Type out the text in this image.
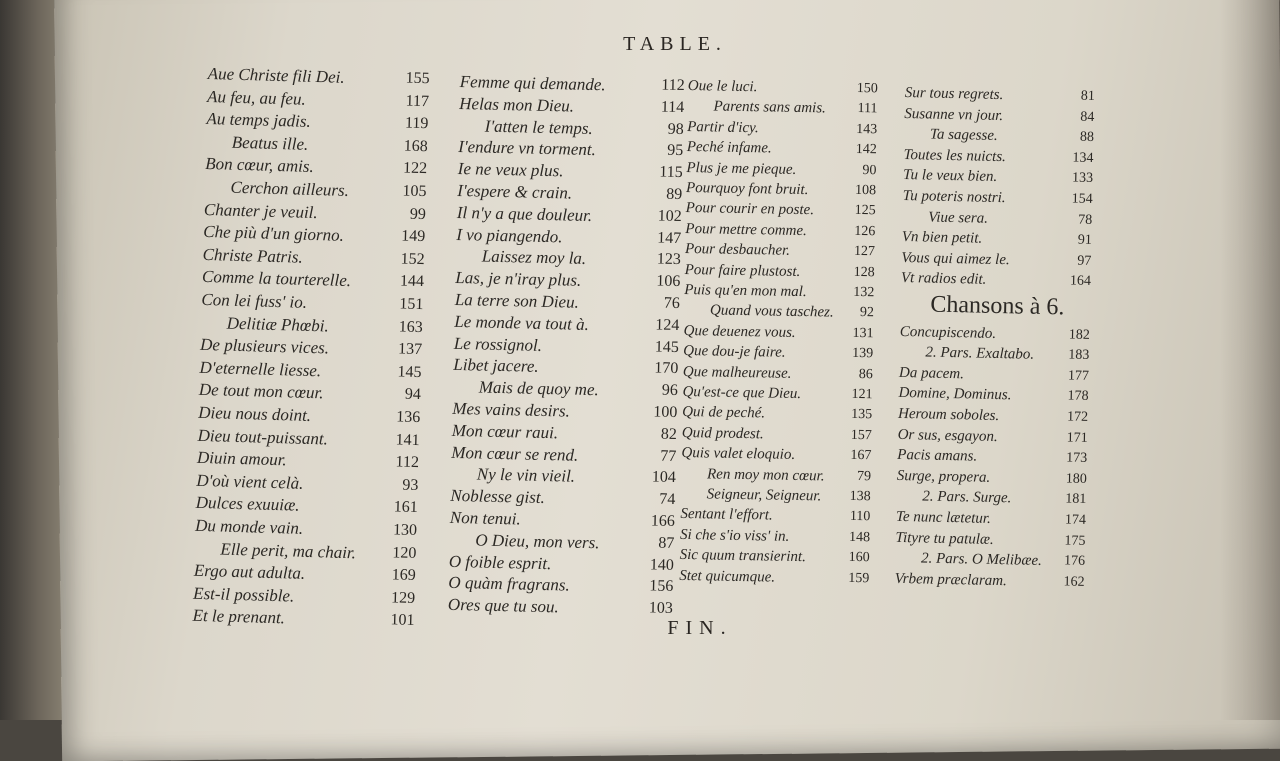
TABLE.
Aue Christe fili Dei.	155
Au feu, au feu.	117
Au temps jadis.	119
Beatus ille.	168
Bon cœur, amis.	122
Cerchon ailleurs.	105
Chanter je veuil.	99
Che più d'un giorno.	149
Christe Patris.	152
Comme la tourterelle.	144
Con lei fuss' io.	151
Delitiæ Phœbi.	163
De plusieurs vices.	137
D'eternelle liesse.	145
De tout mon cœur.	94
Dieu nous doint.	136
Dieu tout-puissant.	141
Diuin amour.	112
D'où vient celà.	93
Dulces exuuiæ.	161
Du monde vain.	130
Elle perit, ma chair.	120
Ergo aut adulta.	169
Est-il possible.	129
Et le prenant.	101
Femme qui demande.	112
Helas mon Dieu.	114
I'atten le temps.	98
I'endure vn torment.	95
Ie ne veux plus.	115
I'espere & crain.	89
Il n'y a que douleur.	102
I vo piangendo.	147
Laissez moy la.	123
Las, je n'iray plus.	106
La terre son Dieu.	76
Le monde va tout à.	124
Le rossignol.	145
Libet jacere.	170
Mais de quoy me.	96
Mes vains desirs.	100
Mon cœur raui.	82
Mon cœur se rend.	77
Ny le vin vieil.	104
Noblesse gist.	74
Non tenui.	166
O Dieu, mon vers.	87
O foible esprit.	140
O quàm fragrans.	156
Ores que tu sou.	103
Oue le luci.	150
Parents sans amis.	111
Partir d'icy.	143
Peché infame.	142
Plus je me pieque.	90
Pourquoy font bruit.	108
Pour courir en poste.	125
Pour mettre comme.	126
Pour desbaucher.	127
Pour faire plustost.	128
Puis qu'en mon mal.	132
Quand vous taschez.	92
Que deuenez vous.	131
Que dou-je faire.	139
Que malheureuse.	86
Qu'est-ce que Dieu.	121
Qui de peché.	135
Quid prodest.	157
Quis valet eloquio.	167
Ren moy mon cœur.	79
Seigneur, Seigneur.	138
Sentant l'effort.	110
Si che s'io viss' in.	148
Sic quum transierint.	160
Stet quicumque.	159
Sur tous regrets.	81
Susanne vn jour.	84
Ta sagesse.	88
Toutes les nuicts.	134
Tu le veux bien.	133
Tu poteris nostri.	154
Viue sera.	78
Vn bien petit.	91
Vous qui aimez le.	97
Vt radios edit.	164
Chansons à 6.
Concupiscendo.	182
2. Pars. Exaltabo.	183
Da pacem.	177
Domine, Dominus.	178
Heroum soboles.	172
Or sus, esgayon.	171
Pacis amans.	173
Surge, propera.	180
2. Pars. Surge.	181
Te nunc lætetur.	174
Tityre tu patulæ.	175
2. Pars. O Melibæe.	176
Vrbem præclaram.	162
FIN.
